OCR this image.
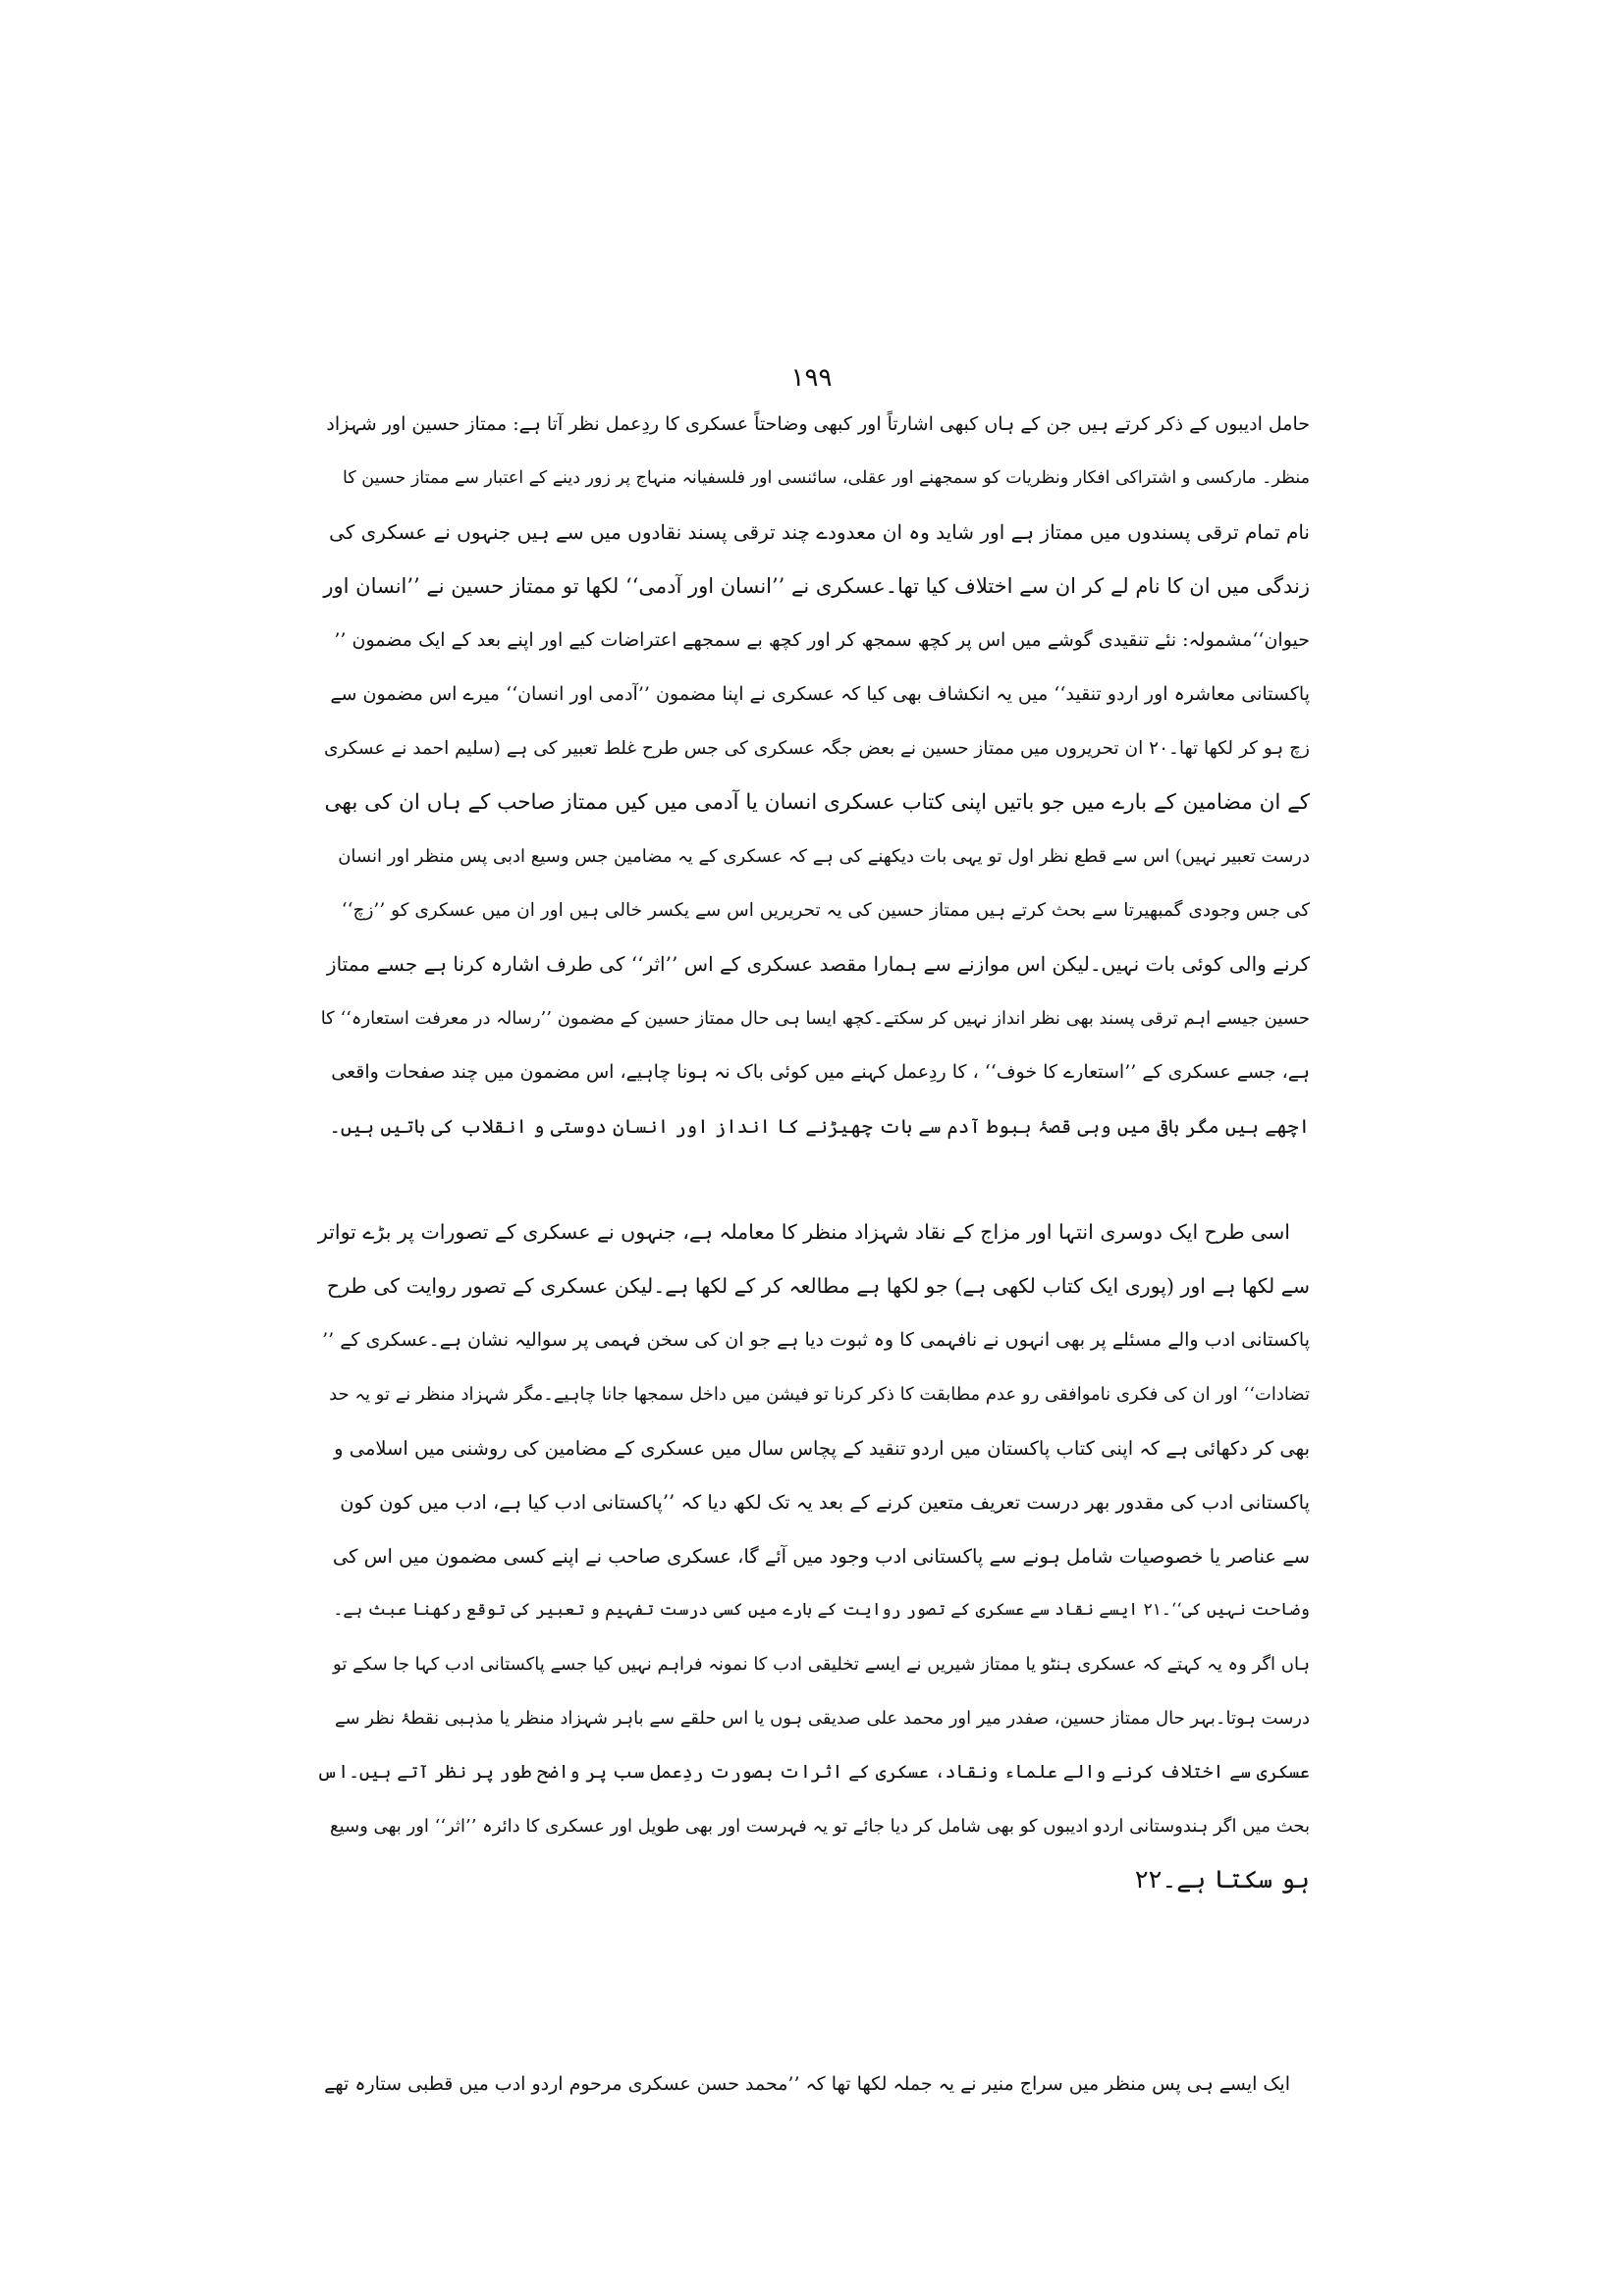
۱۹۹
حامل ادیبوں کے ذکر کرتے ہیں جن کے ہاں کبھی اشارتاً اور کبھی وضاحتاً عسکری کا ردِعمل نظر آتا ہے: ممتاز حسین اور شہزاد
منظر۔ مارکسی و اشتراکی افکار ونظریات کو سمجھنے اور عقلی، سائنسی اور فلسفیانہ منہاج پر زور دینے کے اعتبار سے ممتاز حسین کا
نام تمام ترقی پسندوں میں ممتاز ہے اور شاید وہ ان معدودے چند ترقی پسند نقادوں میں سے ہیں جنہوں نے عسکری کی
زندگی میں ان کا نام لے کر ان سے اختلاف کیا تھا۔عسکری نے ’’انسان اور آدمی‘‘ لکھا تو ممتاز حسین نے ’’انسان اور
حیوان‘‘مشمولہ: نئے تنقیدی گوشے میں اس پر کچھ سمجھ کر اور کچھ بے سمجھے اعتراضات کیے اور اپنے بعد کے ایک مضمون ’’
پاکستانی معاشرہ اور اردو تنقید‘‘ میں یہ انکشاف بھی کیا کہ عسکری نے اپنا مضمون ’’آدمی اور انسان‘‘ میرے اس مضمون سے
زچ ہو کر لکھا تھا۔۲۰ ان تحریروں میں ممتاز حسین نے بعض جگہ عسکری کی جس طرح غلط تعبیر کی ہے (سلیم احمد نے عسکری
کے ان مضامین کے بارے میں جو باتیں اپنی کتاب عسکری انسان یا آدمی میں کیں ممتاز صاحب کے ہاں ان کی بھی
درست تعبیر نہیں) اس سے قطع نظر اول تو یہی بات دیکھنے کی ہے کہ عسکری کے یہ مضامین جس وسیع ادبی پس منظر اور انسان
کی جس وجودی گمبھیرتا سے بحث کرتے ہیں ممتاز حسین کی یہ تحریریں اس سے یکسر خالی ہیں اور ان میں عسکری کو ’’زچ‘‘
کرنے والی کوئی بات نہیں۔لیکن اس موازنے سے ہمارا مقصد عسکری کے اس ’’اثر‘‘ کی طرف اشارہ کرنا ہے جسے ممتاز
حسین جیسے اہم ترقی پسند بھی نظر انداز نہیں کر سکتے۔کچھ ایسا ہی حال ممتاز حسین کے مضمون ’’رسالہ در معرفت استعارہ‘‘ کا
ہے، جسے عسکری کے ’’استعارے کا خوف‘‘ ، کا ردِعمل کہنے میں کوئی باک نہ ہونا چاہیے، اس مضمون میں چند صفحات واقعی
اچھے ہیں مگر باقی میں وہی قصۂ ہبوط آدم سے بات چھیڑنے کا انداز اور انسان دوستی و انقلاب کی باتیں ہیں۔
اسی طرح ایک دوسری انتہا اور مزاج کے نقاد شہزاد منظر کا معاملہ ہے، جنہوں نے عسکری کے تصورات پر بڑے تواتر
سے لکھا ہے اور (پوری ایک کتاب لکھی ہے) جو لکھا ہے مطالعہ کر کے لکھا ہے۔لیکن عسکری کے تصور روایت کی طرح
پاکستانی ادب والے مسئلے پر بھی انہوں نے نافہمی کا وہ ثبوت دیا ہے جو ان کی سخن فہمی پر سوالیہ نشان ہے۔عسکری کے ’’
تضادات‘‘ اور ان کی فکری ناموافقی رو عدم مطابقت کا ذکر کرنا تو فیشن میں داخل سمجھا جانا چاہیے۔مگر شہزاد منظر نے تو یہ حد
بھی کر دکھائی ہے کہ اپنی کتاب پاکستان میں اردو تنقید کے پچاس سال میں عسکری کے مضامین کی روشنی میں اسلامی و
پاکستانی ادب کی مقدور بھر درست تعریف متعین کرنے کے بعد یہ تک لکھ دیا کہ ’’پاکستانی ادب کیا ہے، ادب میں کون کون
سے عناصر یا خصوصیات شامل ہونے سے پاکستانی ادب وجود میں آئے گا، عسکری صاحب نے اپنے کسی مضمون میں اس کی
وضاحت نہیں کی‘‘۔۲۱ ایسے نقاد سے عسکری کے تصور روایت کے بارے میں کسی درست تفہیم و تعبیر کی توقع رکھنا عبث ہے۔
ہاں اگر وہ یہ کہتے کہ عسکری ہنٹو یا ممتاز شیریں نے ایسے تخلیقی ادب کا نمونہ فراہم نہیں کیا جسے پاکستانی ادب کہا جا سکے تو
درست ہوتا۔بہر حال ممتاز حسین، صفدر میر اور محمد علی صدیقی ہوں یا اس حلقے سے باہر شہزاد منظر یا مذہبی نقطۂ نظر سے
عسکری سے اختلاف کرنے والے علماء ونقاد، عسکری کے اثرات بصورت ردِعمل سب پر واضح طور پر نظر آتے ہیں۔اس
بحث میں اگر ہندوستانی اردو ادیبوں کو بھی شامل کر دیا جائے تو یہ فہرست اور بھی طویل اور عسکری کا دائرہ ’’اثر‘‘ اور بھی وسیع
ہو سکتا ہے۔۲۲
ایک ایسے ہی پس منظر میں سراج منیر نے یہ جملہ لکھا تھا کہ ’’محمد حسن عسکری مرحوم اردو ادب میں قطبی ستارہ تھے
